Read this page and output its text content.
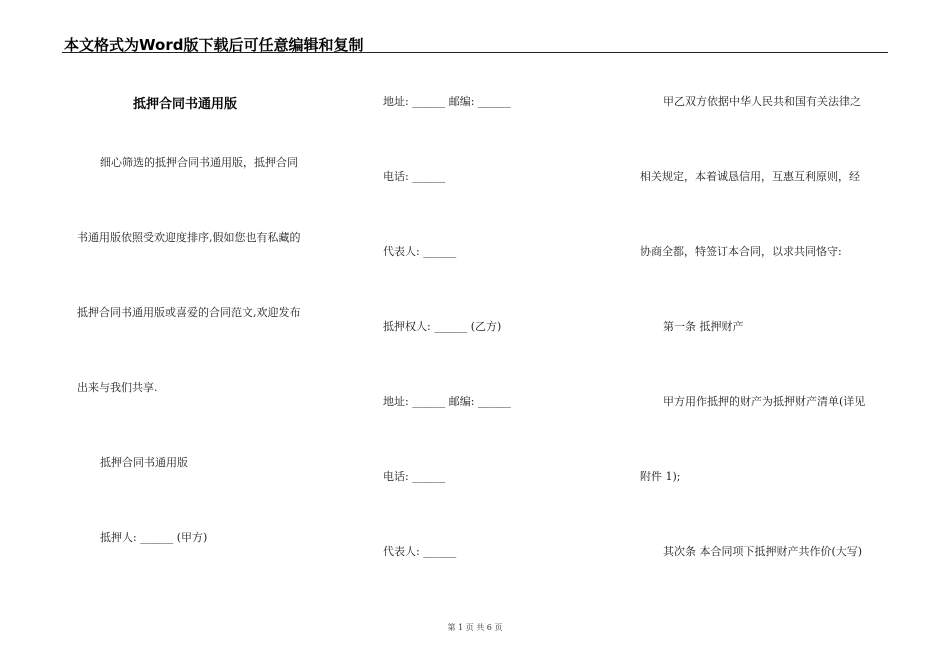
本文格式为Word版下载后可任意编辑和复制
抵押合同书通用版
细心筛选的抵押合同书通用版，抵押合同
书通用版依照受欢迎度排序,假如您也有私藏的
抵押合同书通用版或喜爱的合同范文,欢迎发布
出来与我们共享.
抵押合同书通用版
抵押人: ______ (甲方)
地址: ______ 邮编: ______
电话: ______
代表人: ______
抵押权人: ______ (乙方)
地址: ______ 邮编: ______
电话: ______
代表人: ______
甲乙双方依据中华人民共和国有关法律之
相关规定，本着诚恳信用，互惠互利原则，经
协商全都，特签订本合同，以求共同恪守:
第一条 抵押财产
甲方用作抵押的财产为抵押财产清单(详见
附件 1);
其次条 本合同项下抵押财产共作价(大写)
第 1 页 共 6 页
